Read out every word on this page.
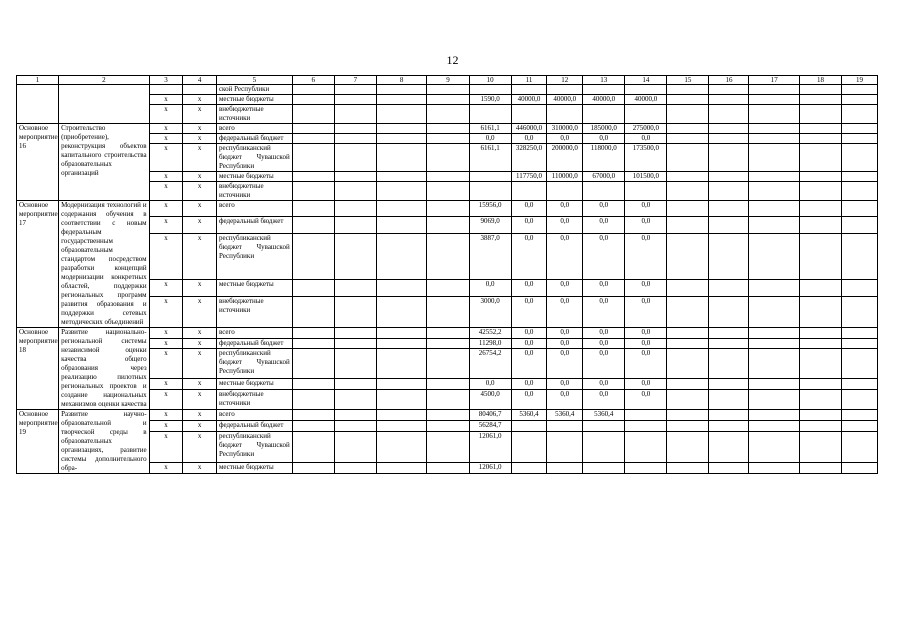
12
1	2	3	4	5	6	7	8	9	10	11	12	13	14	15	16	17	18	19
				ской Республики														
		x	x	местные бюджеты					1590,0	40000,0	40000,0	40000,0	40000,0					
		x	x	внебюджетные источники														
Основное мероприятие 16	Строительство (приобретение), реконструкция объектов капитального строительства образовательных организаций	x	x	всего					6161,1	446000,0	310000,0	185000,0	275000,0					
		x	x	федеральный бюджет					0,0	0,0	0,0	0,0	0,0					
		x	x	республиканский бюджет Чувашской Республики					6161,1	328250,0	200000,0	118000,0	173500,0					
		x	x	местные бюджеты						117750,0	110000,0	67000,0	101500,0					
		x	x	внебюджетные источники														
Основное мероприятие 17	Модернизация технологий и содержания обучения в соответствии с новым федеральным государственным образовательным стандартом посредством разработки концепций модернизации конкретных областей, поддержки региональных программ развития образования и поддержки сетевых методических объединений	x	x	всего					15956,0	0,0	0,0	0,0	0,0					
		x	x	федеральный бюджет					9069,0	0,0	0,0	0,0	0,0					
		x	x	республиканский бюджет Чувашской Республики					3887,0	0,0	0,0	0,0	0,0					
		x	x	местные бюджеты					0,0	0,0	0,0	0,0	0,0					
		x	x	внебюджетные источники					3000,0	0,0	0,0	0,0	0,0					
Основное мероприятие 18	Развитие национально-региональной системы независимой оценки качества общего образования через реализацию пилотных региональных проектов и создание национальных механизмов оценки качества	x	x	всего					42552,2	0,0	0,0	0,0	0,0					
		x	x	федеральный бюджет					11298,0	0,0	0,0	0,0	0,0					
		x	x	республиканский бюджет Чувашской Республики					26754,2	0,0	0,0	0,0	0,0					
		x	x	местные бюджеты					0,0	0,0	0,0	0,0	0,0					
		x	x	внебюджетные источники					4500,0	0,0	0,0	0,0	0,0					
Основное мероприятие 19	Развитие научно-образовательной и творческой среды в образовательных организациях, развитие системы дополнительного обра-	x	x	всего					80406,7	5360,4	5360,4	5360,4						
		x	x	федеральный бюджет					56284,7									
		x	x	республиканский бюджет Чувашской Республики					12061,0									
		x	x	местные бюджеты					12061,0									
